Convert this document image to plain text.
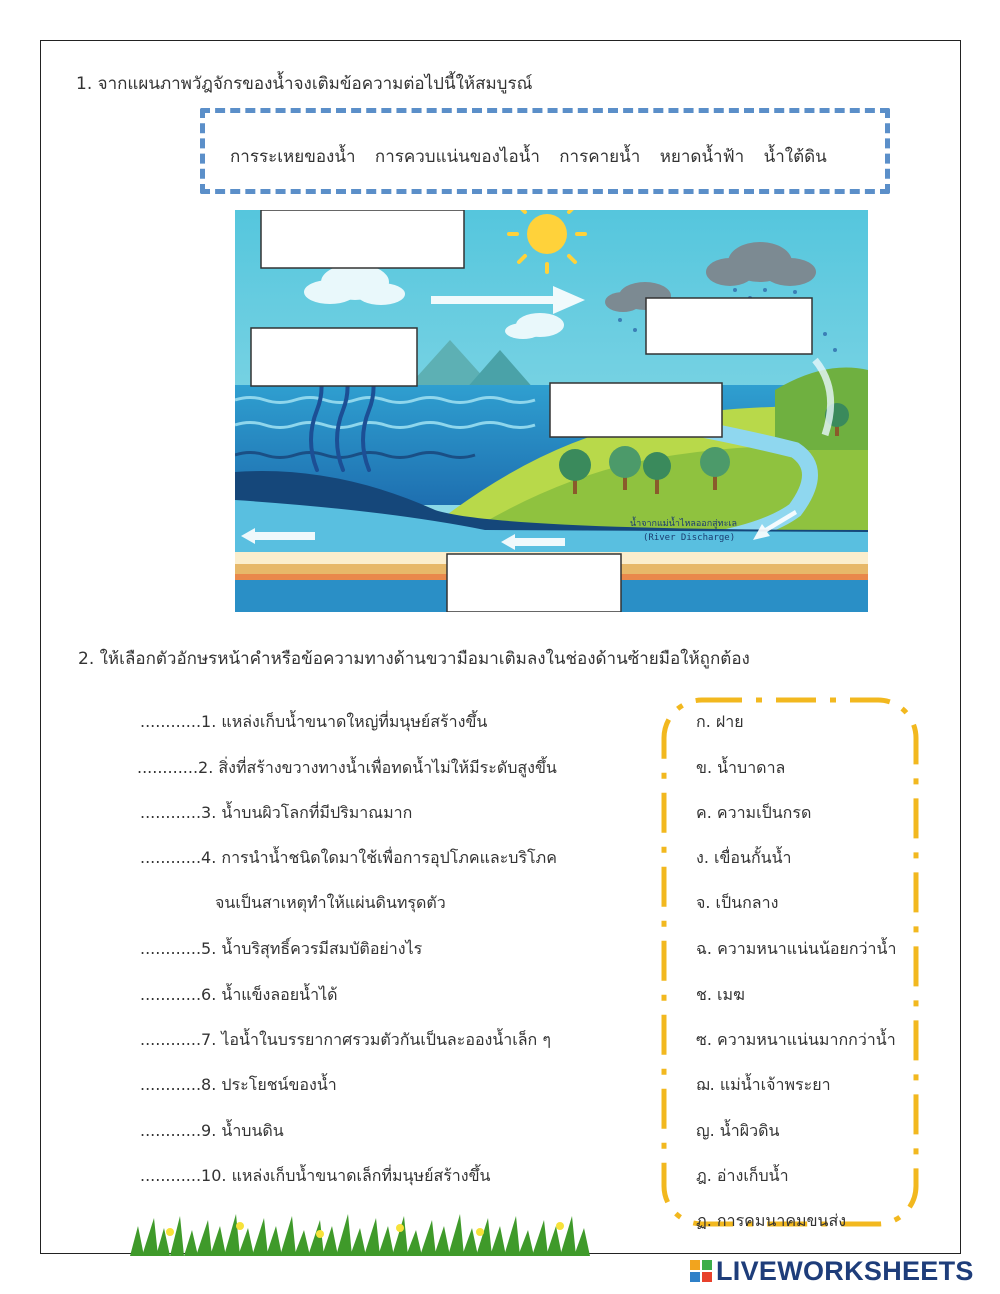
1. จากแผนภาพวัฎจักรของน้ำจงเติมข้อความต่อไปนี้ให้สมบูรณ์
การระเหยของน้ำ การควบแน่นของไอน้ำ การคายน้ำ หยาดน้ำฟ้า น้ำใต้ดิน
น้ำจากแม่น้ำไหลออกสู่ทะเล
(River Discharge)
2. ให้เลือกตัวอักษรหน้าคำหรือข้อความทางด้านขวามือมาเติมลงในช่องด้านซ้ายมือให้ถูกต้อง
............1. แหล่งเก็บน้ำขนาดใหญ่ที่มนุษย์สร้างขึ้น
............2. สิ่งที่สร้างขวางทางน้ำเพื่อทดน้ำไม่ให้มีระดับสูงขึ้น
............3. น้ำบนผิวโลกที่มีปริมาณมาก
............4. การนำน้ำชนิดใดมาใช้เพื่อการอุปโภคและบริโภค
จนเป็นสาเหตุทำให้แผ่นดินทรุดตัว
............5. น้ำบริสุทธิ์ควรมีสมบัติอย่างไร
............6. น้ำแข็งลอยน้ำได้
............7. ไอน้ำในบรรยากาศรวมตัวกันเป็นละอองน้ำเล็ก ๆ
............8. ประโยชน์ของน้ำ
............9. น้ำบนดิน
............10. แหล่งเก็บน้ำขนาดเล็กที่มนุษย์สร้างขึ้น
ก. ฝาย
ข. น้ำบาดาล
ค. ความเป็นกรด
ง. เขื่อนกั้นน้ำ
จ. เป็นกลาง
ฉ. ความหนาแน่นน้อยกว่าน้ำ
ช. เมฆ
ซ. ความหนาแน่นมากกว่าน้ำ
ฌ. แม่น้ำเจ้าพระยา
ญ. น้ำผิวดิน
ฎ. อ่างเก็บน้ำ
ฏ. การคมนาคมขนส่ง
LIVEWORKSHEETS
